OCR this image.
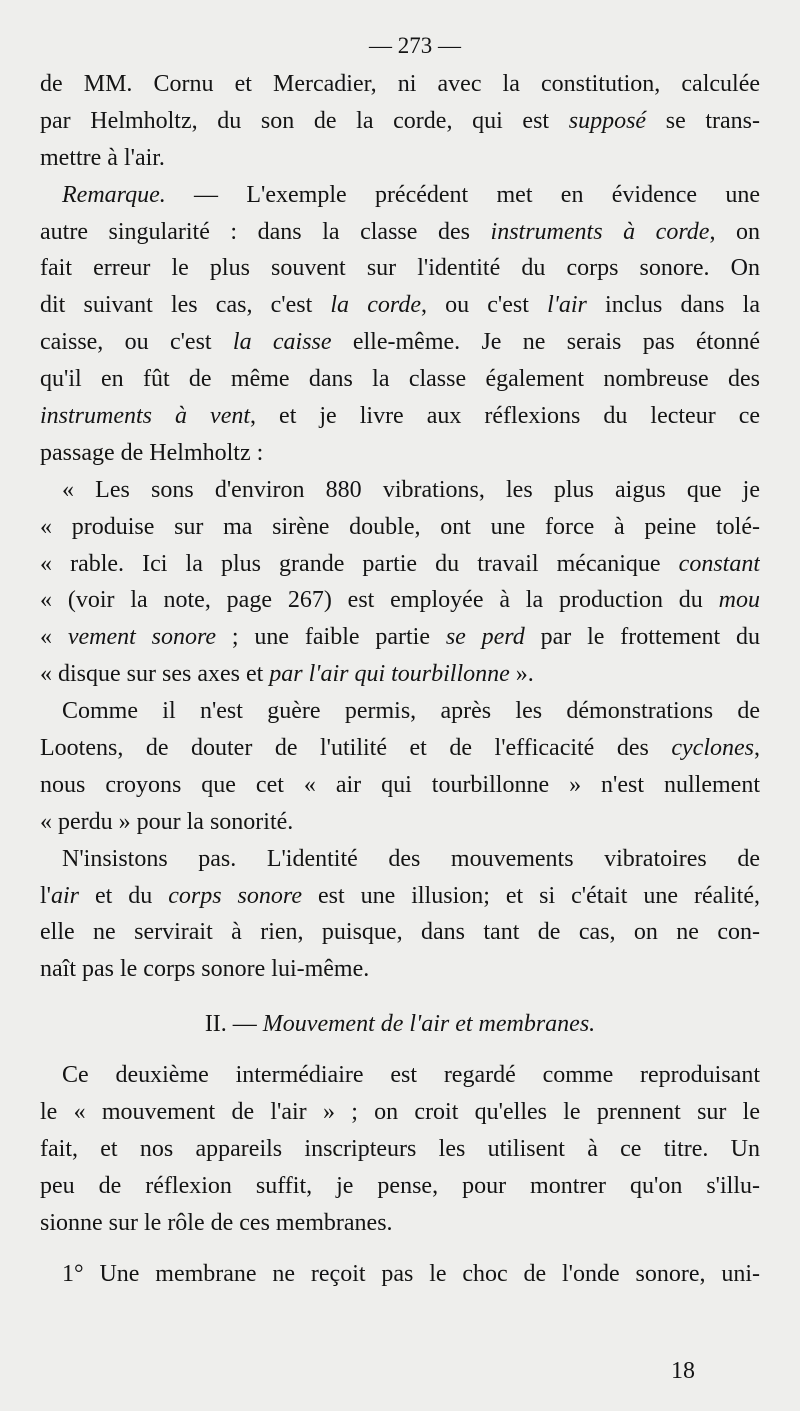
— 273 —
de MM. Cornu et Mercadier, ni avec la constitution, calculée
par Helmholtz, du son de la corde, qui est supposé se trans-
mettre à l'air.
Remarque. — L'exemple précédent met en évidence une
autre singularité : dans la classe des instruments à corde, on
fait erreur le plus souvent sur l'identité du corps sonore. On
dit suivant les cas, c'est la corde, ou c'est l'air inclus dans la
caisse, ou c'est la caisse elle-même. Je ne serais pas étonné
qu'il en fût de même dans la classe également nombreuse des
instruments à vent, et je livre aux réflexions du lecteur ce
passage de Helmholtz :
« Les sons d'environ 880 vibrations, les plus aigus que je
« produise sur ma sirène double, ont une force à peine tolé-
« rable. Ici la plus grande partie du travail mécanique constant
« (voir la note, page 267) est employée à la production du mou
« vement sonore ; une faible partie se perd par le frottement du
« disque sur ses axes et par l'air qui tourbillonne ».
Comme il n'est guère permis, après les démonstrations de
Lootens, de douter de l'utilité et de l'efficacité des cyclones,
nous croyons que cet « air qui tourbillonne » n'est nullement
« perdu » pour la sonorité.
N'insistons pas. L'identité des mouvements vibratoires de
l'air et du corps sonore est une illusion; et si c'était une réalité,
elle ne servirait à rien, puisque, dans tant de cas, on ne con-
naît pas le corps sonore lui-même.
II. — Mouvement de l'air et membranes.
Ce deuxième intermédiaire est regardé comme reproduisant
le « mouvement de l'air » ; on croit qu'elles le prennent sur le
fait, et nos appareils inscripteurs les utilisent à ce titre. Un
peu de réflexion suffit, je pense, pour montrer qu'on s'illu-
sionne sur le rôle de ces membranes.
1° Une membrane ne reçoit pas le choc de l'onde sonore, uni-
18
